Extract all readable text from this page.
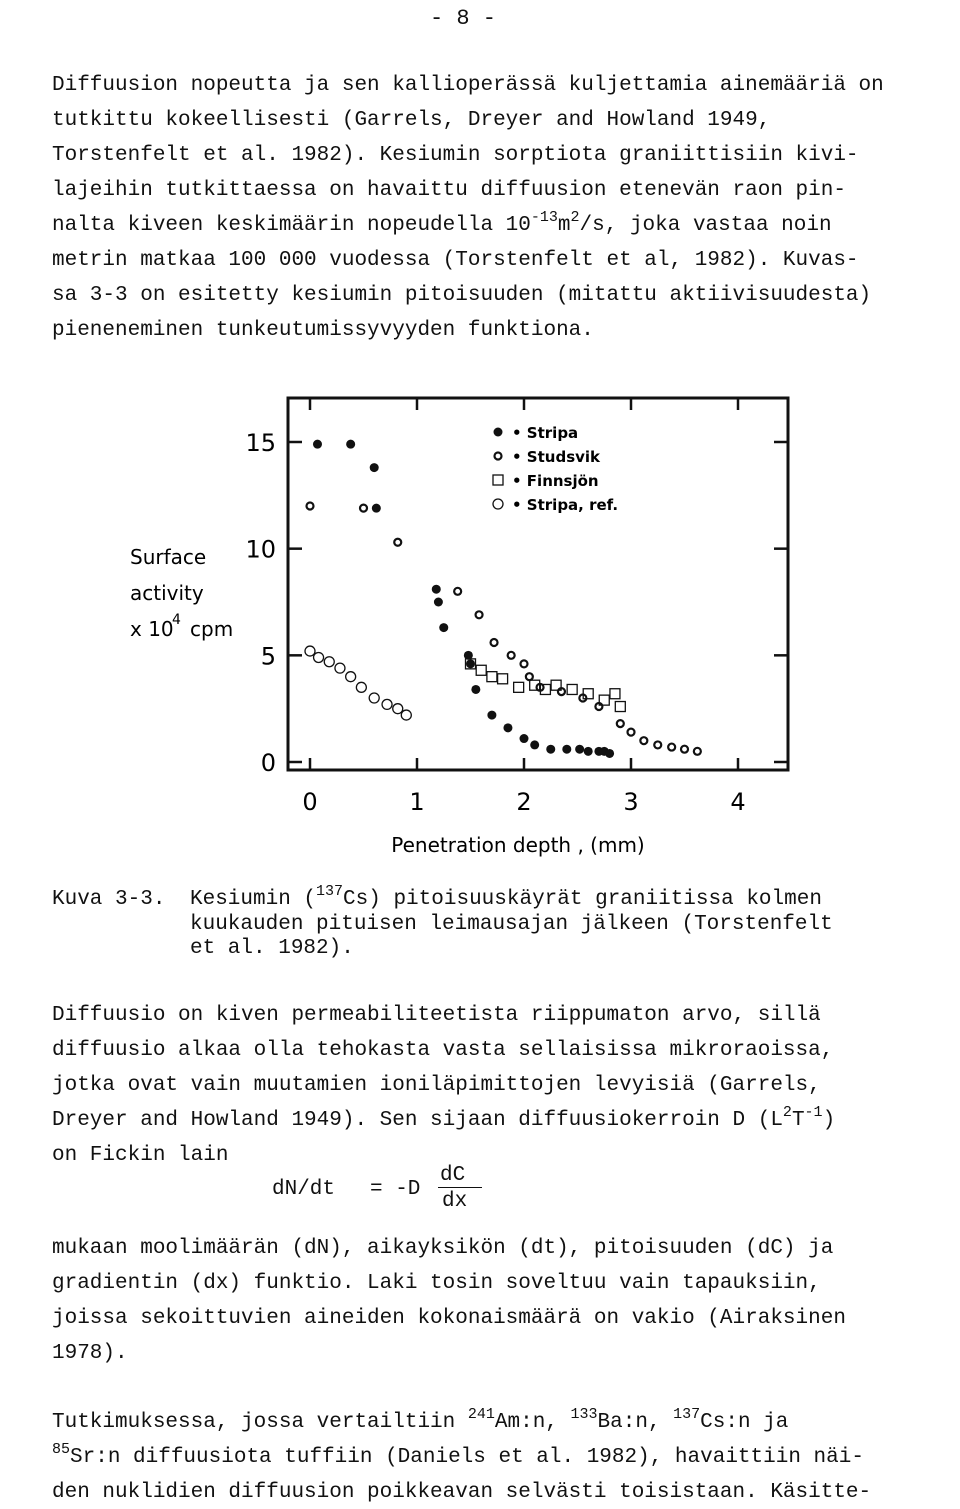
- 8 -
Diffuusion nopeutta ja sen kallioperässä kuljettamia ainemääriä on
tutkittu kokeellisesti (Garrels, Dreyer and Howland 1949,
Torstenfelt et al. 1982). Kesiumin sorptiota graniittisiin kivi-
lajeihin tutkittaessa on havaittu diffuusion etenevän raon pin-
nalta kiveen keskimäärin nopeudella $10^{-13}m^2/s$, joka vastaa noin
metrin matkaa 100 000 vuodessa (Torstenfelt et al, 1982). Kuvas-
sa 3-3 on esitetty kesiumin pitoisuuden (mitattu aktiivisuudesta)
pieneneminen tunkeutumissyvyyden funktiona.
0	1	2	3	4
0
5
10
15
Penetration depth , (mm)
Surface
activity
x 10
4 cpm
• Stripa
• Studsvik
• Finnsjön
• Stripa, ref.
Kuva 3-3. Kesiumin ($^{137}$Cs) pitoisuuskäyrät graniitissa kolmen
kuukauden pituisen leimausajan jälkeen (Torstenfelt
et al. 1982).
Diffuusio on kiven permeabiliteetista riippumaton arvo, sillä
diffuusio alkaa olla tehokasta vasta sellaisissa mikroraoissa,
jotka ovat vain muutamien ioniläpimittojen levyisiä (Garrels,
Dreyer and Howland 1949). Sen sijaan diffuusiokerroin D $(L^2T^{-1})$
on Fickin lain
dN/dt = -D
dC
dx
mukaan moolimäärän (dN), aikayksikön (dt), pitoisuuden (dC) ja
gradientin (dx) funktio. Laki tosin soveltuu vain tapauksiin,
joissa sekoittuvien aineiden kokonaismäärä on vakio (Airaksinen
1978).
Tutkimuksessa, jossa vertailtiin $^{241}$Am:n, $^{133}$Ba:n, $^{137}$Cs:n ja
$^{85}$Sr:n diffuusiota tuffiin (Daniels et al. 1982), havaittiin näi-
den nuklidien diffuusion poikkeavan selvästi toisistaan. Käsitte-
